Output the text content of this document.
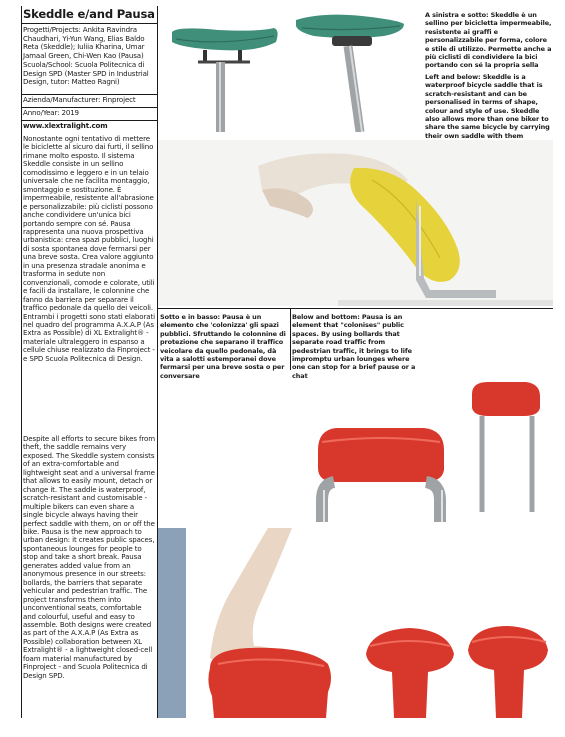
Skeddle e/and Pausa
Progetti/Projects: Ankita Ravindra Chaudhari, Yi-Yun Wang, Elias Baldo Reta (Skeddle); Iuliia Kharina, Umar Jamaal Green, Chi-Wen Kao (Pausa) Scuola/School: Scuola Politecnica di Design SPD (Master SPD in Industrial Design, tutor: Matteo Ragni)
Azienda/Manufacturer: Finproject
Anno/Year: 2019
www.xlextralight.com
Nonostante ogni tentativo di mettere le biciclette al sicuro dai furti, il sellino rimane molto esposto. Il sistema Skeddle consiste in un sellino comodissimo e leggero e in un telaio universale che ne facilita montaggio, smontaggio e sostituzione. È impermeabile, resistente all'abrasione e personalizzabile: più ciclisti possono anche condividere un'unica bici portando sempre con sé. Pausa rappresenta una nuova prospettiva urbanistica: crea spazi pubblici, luoghi di sosta spontanea dove fermarsi per una breve sosta. Crea valore aggiunto in una presenza stradale anonima e trasforma in sedute non convenzionali, comode e colorate, utili e facili da installare, le colonnine che fanno da barriera per separare il traffico pedonale da quello dei veicoli. Entrambi i progetti sono stati elaborati nel quadro del programma A.X.A.P (As Extra as Possible) di XL Extralight® - materiale ultraleggero in espanso a cellule chiuse realizzato da Finproject - e SPD Scuola Politecnica di Design.
Despite all efforts to secure bikes from theft, the saddle remains very exposed. The Skeddle system consists of an extra-comfortable and lightweight seat and a universal frame that allows to easily mount, detach or change it. The saddle is waterproof, scratch-resistant and customisable - multiple bikers can even share a single bicycle always having their perfect saddle with them, on or off the bike. Pausa is the new approach to urban design: it creates public spaces, spontaneous lounges for people to stop and take a short break. Pausa generates added value from an anonymous presence in our streets: bollards, the barriers that separate vehicular and pedestrian traffic. The project transforms them into unconventional seats, comfortable and colourful, useful and easy to assemble. Both designs were created as part of the A.X.A.P (As Extra as Possible) collaboration between XL Extralight® - a lightweight closed-cell foam material manufactured by Finproject - and Scuola Politecnica di Design SPD.
A sinistra e sotto: Skeddle è un sellino per bicicletta impermeabile, resistente ai graffi e personalizzabile per forma, colore e stile di utilizzo. Permette anche a più ciclisti di condividere la bici portando con sé la propria sella
Left and below: Skeddle is a waterproof bicycle saddle that is scratch-resistant and can be personalised in terms of shape, colour and style of use. Skeddle also allows more than one biker to share the same bicycle by carrying their own saddle with them
Sotto e in basso: Pausa è un elemento che 'colonizza' gli spazi pubblici. Sfruttando le colonnine di protezione che separano il traffico veicolare da quello pedonale, dà vita a salotti estemporanei dove fermarsi per una breve sosta o per conversare
Below and bottom: Pausa is an element that "colonises" public spaces. By using bollards that separate road traffic from pedestrian traffic, it brings to life impromptu urban lounges where one can stop for a brief pause or a chat
